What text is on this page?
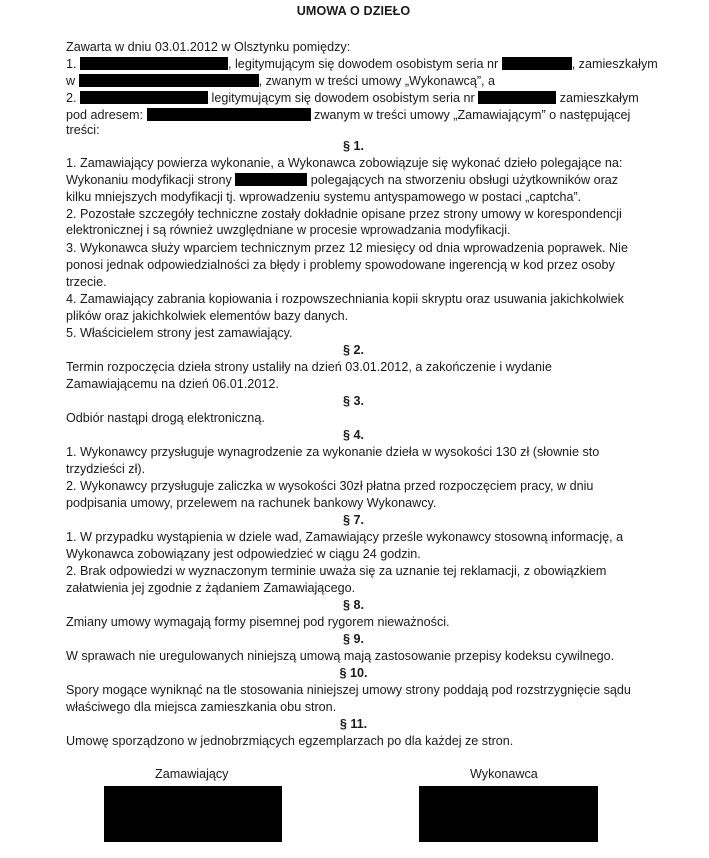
UMOWA O DZIEŁO
Zawarta w dniu 03.01.2012 w Olsztynku pomiędzy:
1.	, legitymującym się dowodem osobistym seria nr	, zamieszkałym
w	, zwanym w treści umowy „Wykonawcą”, a
2.	legitymującym się dowodem osobistym seria nr	zamieszkałym
pod adresem:	zwanym w treści umowy „Zamawiającym” o następującej
treści:
§ 1.
1. Zamawiający powierza wykonanie, a Wykonawca zobowiązuje się wykonać dzieło polegające na:
Wykonaniu modyfikacji strony	polegających na stworzeniu obsługi użytkowników oraz
kilku mniejszych modyfikacji tj. wprowadzeniu systemu antyspamowego w postaci „captcha”.
2. Pozostałe szczegóły techniczne zostały dokładnie opisane przez strony umowy w korespondencji
elektronicznej i są również uwzględniane w procesie wprowadzania modyfikacji.
3. Wykonawca służy wparciem technicznym przez 12 miesięcy od dnia wprowadzenia poprawek. Nie
ponosi jednak odpowiedzialności za błędy i problemy spowodowane ingerencją w kod przez osoby
trzecie.
4. Zamawiający zabrania kopiowania i rozpowszechniania kopii skryptu oraz usuwania jakichkolwiek
plików oraz jakichkolwiek elementów bazy danych.
5. Właścicielem strony jest zamawiający.
§ 2.
Termin rozpoczęcia dzieła strony ustaliły na dzień 03.01.2012, a zakończenie i wydanie
Zamawiającemu na dzień 06.01.2012.
§ 3.
Odbiór nastąpi drogą elektroniczną.
§ 4.
1. Wykonawcy przysługuje wynagrodzenie za wykonanie dzieła w wysokości 130 zł (słownie sto
trzydzieści zł).
2. Wykonawcy przysługuje zaliczka w wysokości 30zł płatna przed rozpoczęciem pracy, w dniu
podpisania umowy, przelewem na rachunek bankowy Wykonawcy.
§ 7.
1. W przypadku wystąpienia w dziele wad, Zamawiający prześle wykonawcy stosowną informację, a
Wykonawca zobowiązany jest odpowiedzieć w ciągu 24 godzin.
2. Brak odpowiedzi w wyznaczonym terminie uważa się za uznanie tej reklamacji, z obowiązkiem
załatwienia jej zgodnie z żądaniem Zamawiającego.
§ 8.
Zmiany umowy wymagają formy pisemnej pod rygorem nieważności.
§ 9.
W sprawach nie uregulowanych niniejszą umową mają zastosowanie przepisy kodeksu cywilnego.
§ 10.
Spory mogące wyniknąć na tle stosowania niniejszej umowy strony poddają pod rozstrzygnięcie sądu
właściwego dla miejsca zamieszkania obu stron.
§ 11.
Umowę sporządzono w jednobrzmiących egzemplarzach po dla każdej ze stron.
Zamawiający	Wykonawca
